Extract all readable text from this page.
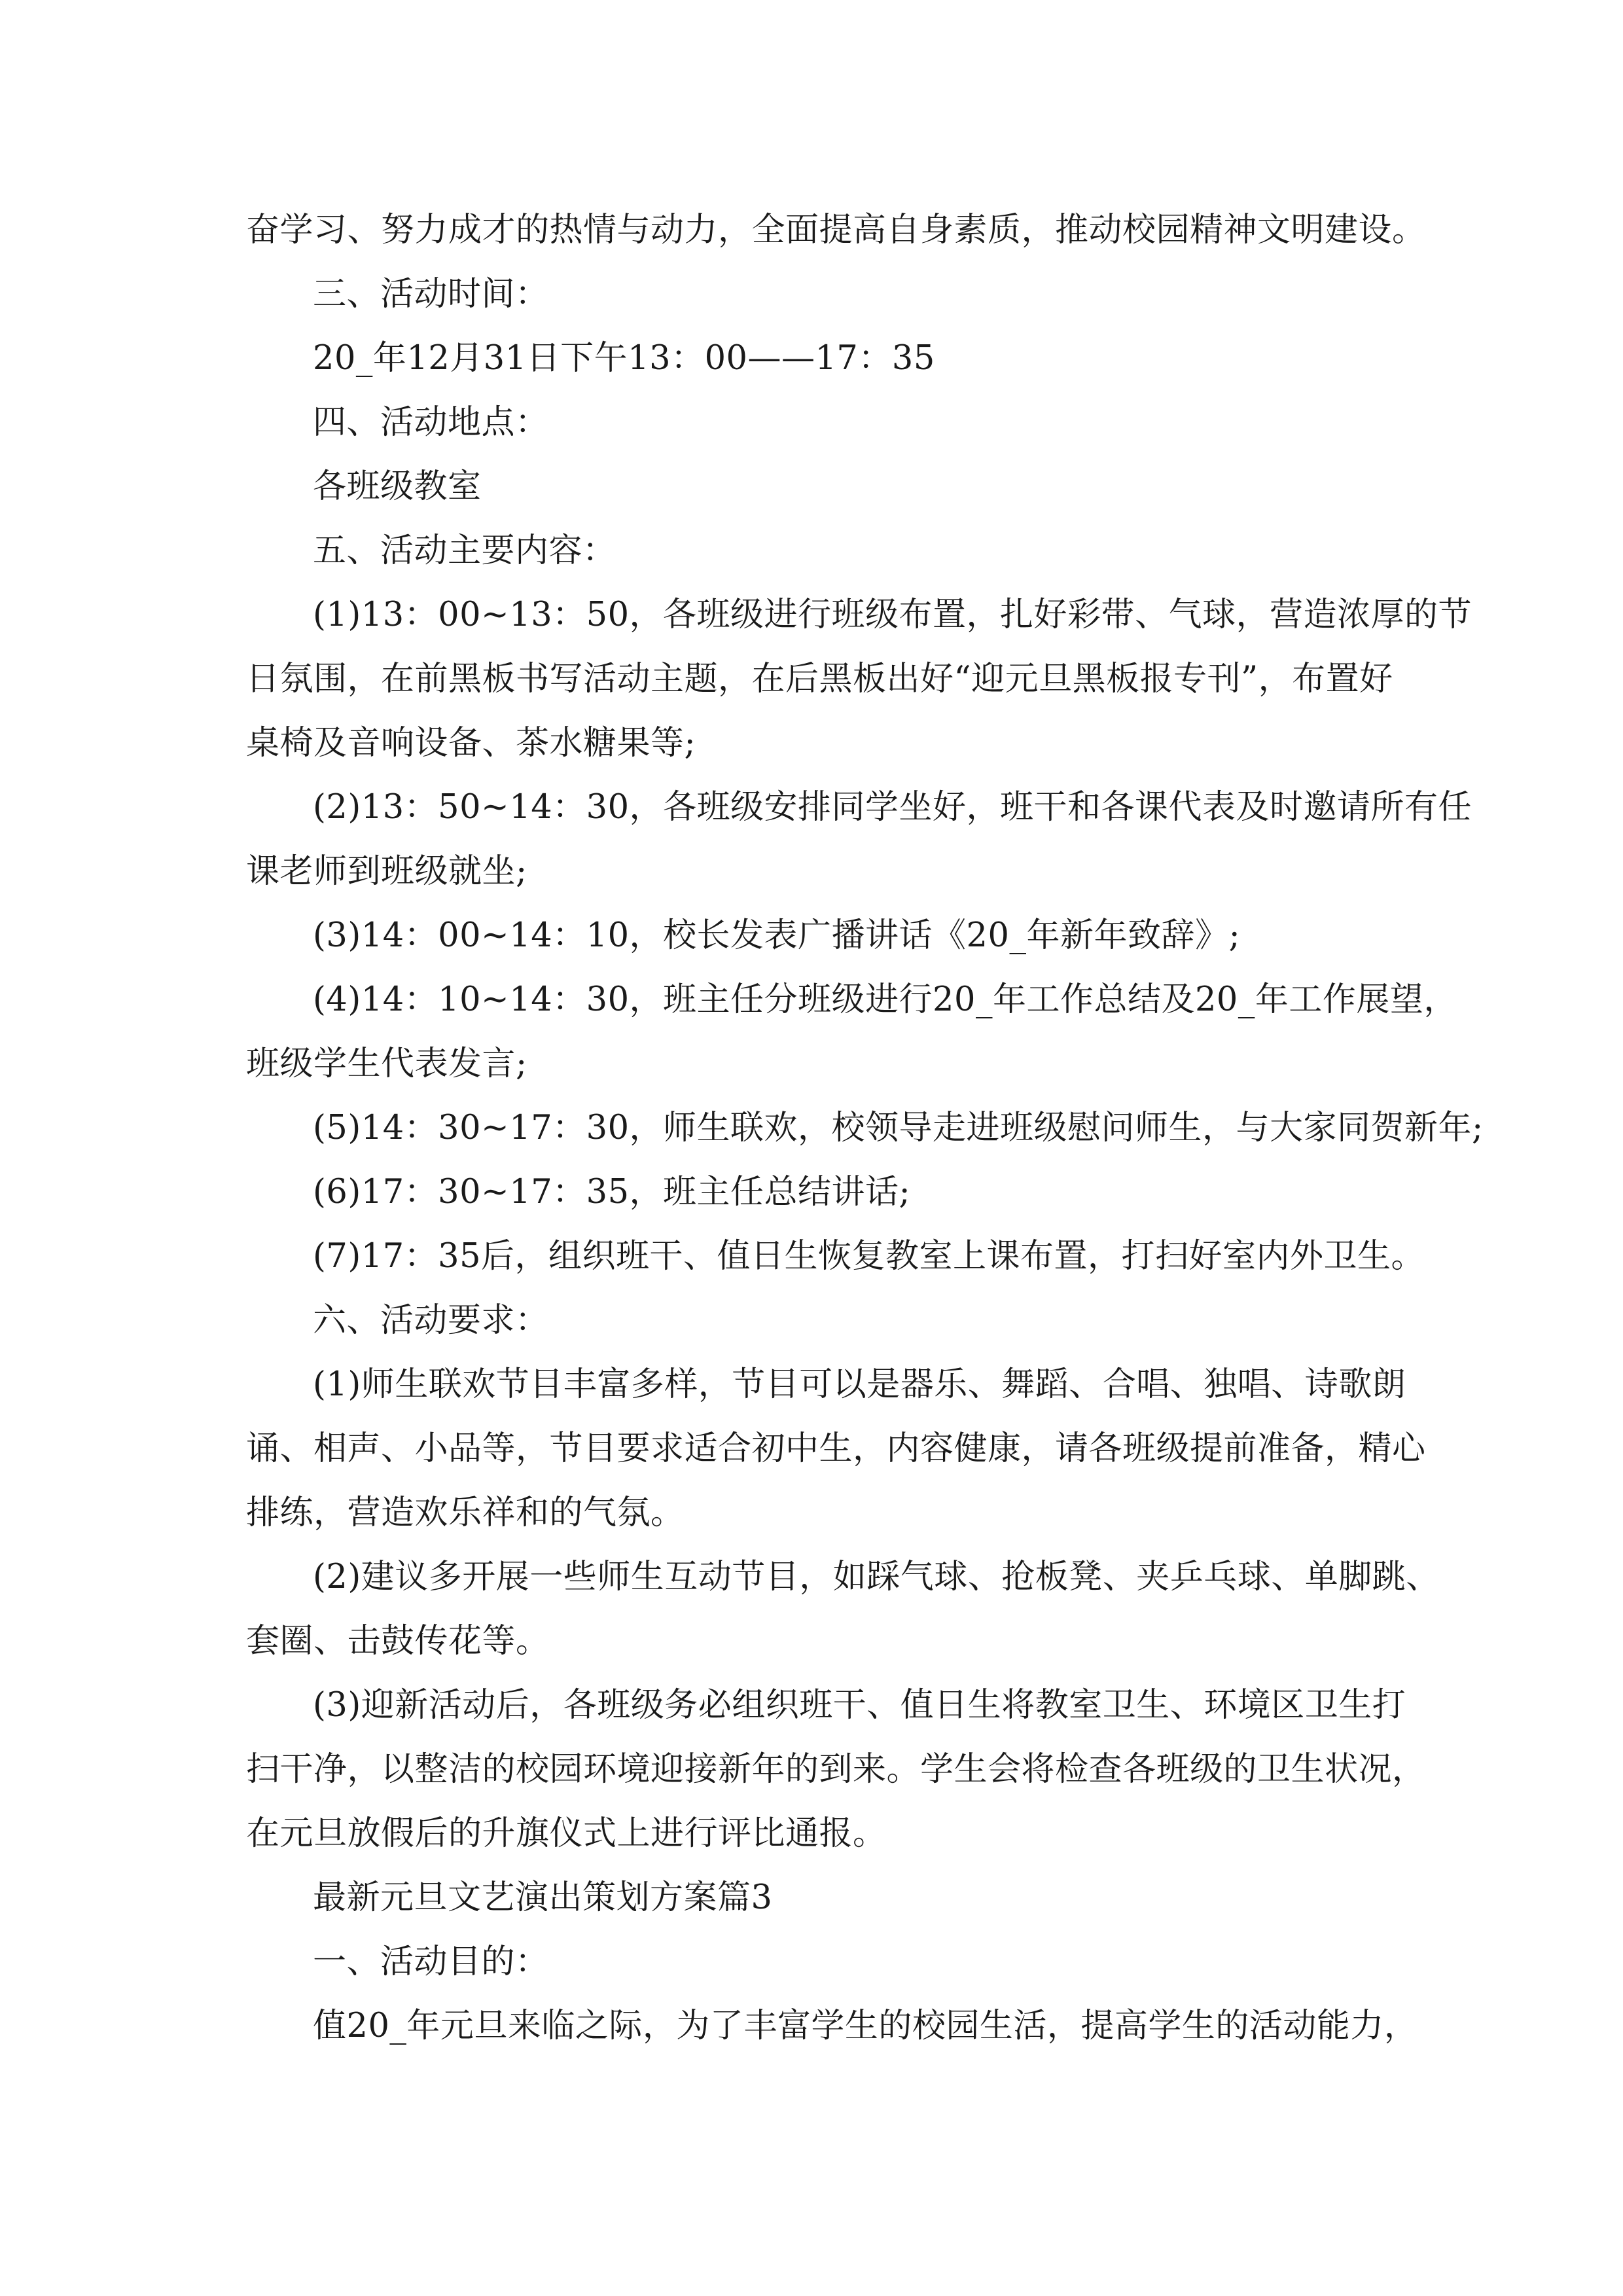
奋学习、努力成才的热情与动力，全面提高自身素质，推动校园精神文明建设。
三、活动时间：
20_年12月31日下午13：00——17：35
四、活动地点：
各班级教室
五、活动主要内容：
(1)13：00~13：50，各班级进行班级布置，扎好彩带、气球，营造浓厚的节
日氛围，在前黑板书写活动主题，在后黑板出好“迎元旦黑板报专刊”，布置好
桌椅及音响设备、茶水糖果等;
(2)13：50~14：30，各班级安排同学坐好，班干和各课代表及时邀请所有任
课老师到班级就坐;
(3)14：00~14：10，校长发表广播讲话《20_年新年致辞》;
(4)14：10~14：30，班主任分班级进行20_年工作总结及20_年工作展望，
班级学生代表发言;
(5)14：30~17：30，师生联欢，校领导走进班级慰问师生，与大家同贺新年;
(6)17：30~17：35，班主任总结讲话;
(7)17：35后，组织班干、值日生恢复教室上课布置，打扫好室内外卫生。
六、活动要求：
(1)师生联欢节目丰富多样，节目可以是器乐、舞蹈、合唱、独唱、诗歌朗
诵、相声、小品等，节目要求适合初中生，内容健康，请各班级提前准备，精心
排练，营造欢乐祥和的气氛。
(2)建议多开展一些师生互动节目，如踩气球、抢板凳、夹乒乓球、单脚跳、
套圈、击鼓传花等。
(3)迎新活动后，各班级务必组织班干、值日生将教室卫生、环境区卫生打
扫干净，以整洁的校园环境迎接新年的到来。学生会将检查各班级的卫生状况，
在元旦放假后的升旗仪式上进行评比通报。
最新元旦文艺演出策划方案篇3
一、活动目的：
值20_年元旦来临之际，为了丰富学生的校园生活，提高学生的活动能力，
